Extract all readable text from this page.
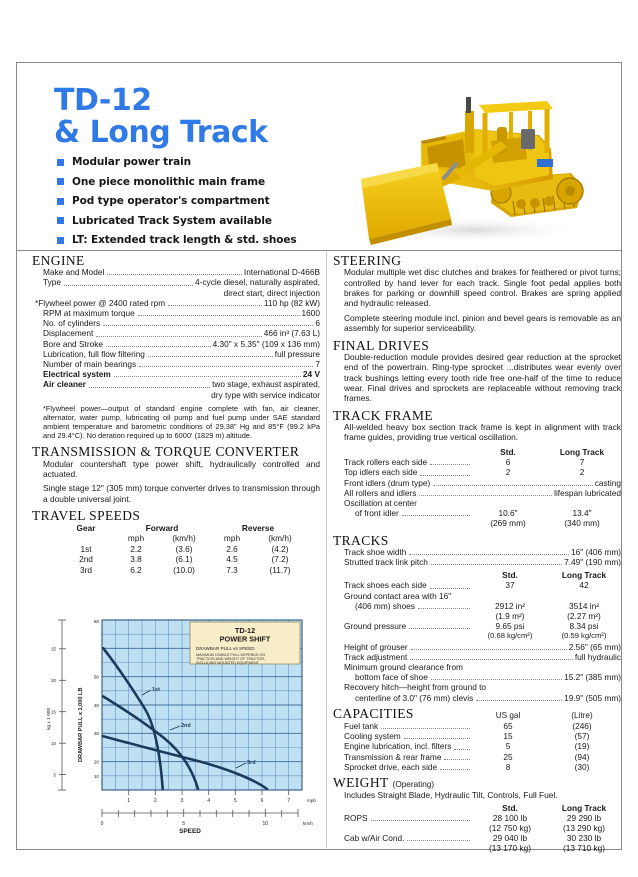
TD-12
& Long Track
Modular power train
One piece monolithic main frame
Pod type operator's compartment
Lubricated Track System available
LT: Extended track length & std. shoes
ENGINE
Make and Model	International D-466B
Type	4-cycle diesel, naturally aspirated,
direct start, direct injection
*Flywheel power @ 2400 rated rpm	110 hp (82 kW)
RPM at maximum torque	1600
No. of cylinders	6
Displacement	466 in³ (7.63 L)
Bore and Stroke	4.30" x 5.35" (109 x 136 mm)
Lubrication, full flow filtering	full pressure
Number of main bearings	7
Electrical system	24 V
Air cleaner	two stage, exhaust aspirated,
dry type with service indicator
*Flywheel power—output of standard engine complete with fan, air cleaner, alternator, water pump, lubricating oil pump and fuel pump under SAE standard ambient temperature and barometric conditions of 29.38" Hg and 85°F (99.2 kPa and 29.4°C). No deration required up to 6000' (1829 m) altitude.
TRANSMISSION & TORQUE CONVERTER

Modular countershaft type power shift, hydraulically controlled and actuated.

Single stage 12" (305 mm) torque converter drives to transmission through a double universal joint.

TRAVEL SPEEDS
Gear	Forward	Reverse
mph	(km/h)	mph	(km/h)
1st	2.2	(3.6)	2.6	(4.2)
2nd	3.8	(6.1)	4.5	(7.2)
3rd	6.2	(10.0)	7.3	(11.7)
1st
2nd
3rd
TD-12
POWER SHIFT
DRAWBAR PULL vs SPEED
MAXIMUM USABLE PULL DEPENDS ON
TRACTION AND WEIGHT OF TRACTOR,
INCLUDING MOUNTED EQUIPMENT.
10
20
30
40
50
60
DRAWBAR PULL x 1,000 LB
25
20
15
10
5
kg x 1 000
1	2	3	4	5	6	7	mph
0	5	10	km/h
SPEED
STEERING

Modular multiple wet disc clutches and brakes for feathered or pivot turns; controlled by hand lever for each track. Single foot pedal applies both brakes for parking or downhill speed control. Brakes are spring applied and hydraulic released.

Complete steering module incl. pinion and bevel gears is removable as an assembly for superior serviceability.

FINAL DRIVES

Double-reduction module provides desired gear reduction at the sprocket end of the powertrain. Ring-type sprocket ...distributes wear evenly over track bushings letting every tooth ride free one-half of the time to reduce wear. Final drives and sprockets are replaceable without removing track frames.

TRACK FRAME

All-welded heavy box section track frame is kept in alignment with track frame guides, providing true vertical oscillation.

Std.	Long Track
Track rollers each side	6	7
Top idlers each side	2	2
Front idlers (drum type)	casting
All rollers and idlers	lifespan lubricated
Oscillation at center
of front idler	10.6"	13.4"
(269 mm)	(340 mm)
TRACKS
Track shoe width	16" (406 mm)
Strutted track link pitch	7.49" (190 mm)
Std.	Long Track
Track shoes each side	37	42
Ground contact area with 16"
(406 mm) shoes	2912 in²	3514 in²
(1.9 m²)	(2.27 m²)
Ground pressure	9.65 psi	8.34 psi
(0.68 kg/cm²)	(0.59 kg/cm²)
Height of grouser	2.56" (65 mm)
Track adjustment	full hydraulic
Minimum ground clearance from
bottom face of shoe	15.2" (385 mm)
Recovery hitch—height from ground to
centerline of 3.0" (76 mm) clevis	19.9" (505 mm)
CAPACITIES	US gal	(Litre)
Fuel tank	65	(246)
Cooling system	15	(57)
Engine lubrication, incl. filters	5	(19)
Transmission & rear frame	25	(94)
Sprocket drive, each side	8	(30)
WEIGHT (Operating)

Includes Straight Blade, Hydraulic Tilt, Controls, Full Fuel.

Std.	Long Track
ROPS	28 100 lb	29 290 lb
(12 750 kg)	(13 290 kg)
Cab w/Air Cond.	29 040 lb	30 230 lb
(13 170 kg)	(13 710 kg)
